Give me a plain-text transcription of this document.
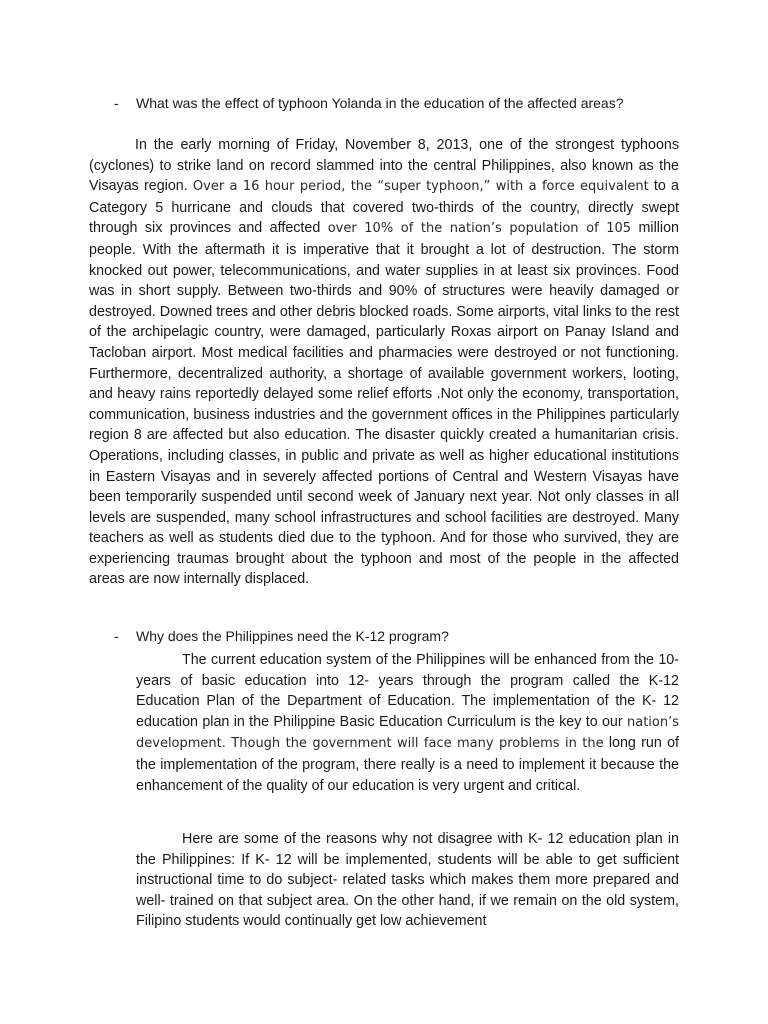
-	What was the effect of typhoon Yolanda in the education of the affected areas?

In the early morning of Friday, November 8, 2013, one of the strongest typhoons (cyclones) to strike land on record slammed into the central Philippines, also known as the Visayas region. Over a 16 hour period, the “super typhoon,” with a force equivalent to a Category 5 hurricane and clouds that covered two-thirds of the country, directly swept through six provinces and affected over 10% of the nation’s population of 105 million people. With the aftermath it is imperative that it brought a lot of destruction. The storm knocked out power, telecommunications, and water supplies in at least six provinces. Food was in short supply. Between two-thirds and 90% of structures were heavily damaged or destroyed. Downed trees and other debris blocked roads. Some airports, vital links to the rest of the archipelagic country, were damaged, particularly Roxas airport on Panay Island and Tacloban airport. Most medical facilities and pharmacies were destroyed or not functioning. Furthermore, decentralized authority, a shortage of available government workers, looting, and heavy rains reportedly delayed some relief efforts .Not only the economy, transportation, communication, business industries and the government offices in the Philippines particularly region 8 are affected but also education. The disaster quickly created a humanitarian crisis. Operations, including classes, in public and private as well as higher educational institutions in Eastern Visayas and in severely affected portions of Central and Western Visayas have been temporarily suspended until second week of January next year. Not only classes in all levels are suspended, many school infrastructures and school facilities are destroyed. Many teachers as well as students died due to the typhoon. And for those who survived, they are experiencing traumas brought about the typhoon and most of the people in the affected areas are now internally displaced.

-	Why does the Philippines need the K-12 program?

The current education system of the Philippines will be enhanced from the 10- years of basic education into 12- years through the program called the K-12 Education Plan of the Department of Education. The implementation of the K- 12 education plan in the Philippine Basic Education Curriculum is the key to our nation’s development. Though the government will face many problems in the long run of the implementation of the program, there really is a need to implement it because the enhancement of the quality of our education is very urgent and critical.

Here are some of the reasons why not disagree with K- 12 education plan in the Philippines: If K- 12 will be implemented, students will be able to get sufficient instructional time to do subject- related tasks which makes them more prepared and well- trained on that subject area. On the other hand, if we remain on the old system, Filipino students would continually get low achievement
